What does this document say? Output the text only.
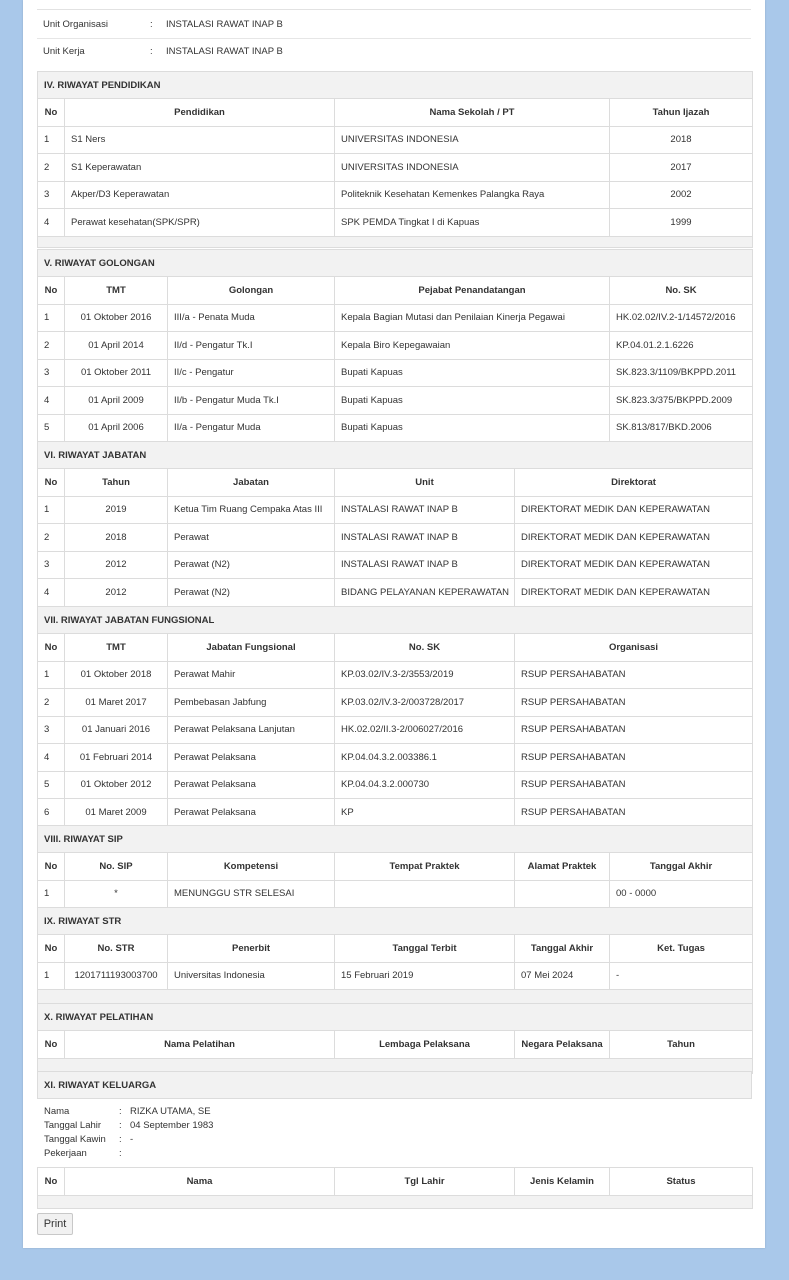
Unit Organisasi	: INSTALASI RAWAT INAP B
Unit Kerja	: INSTALASI RAWAT INAP B
IV. RIWAYAT PENDIDIKAN			
No	Pendidikan	Nama Sekolah / PT	Tahun Ijazah
1	S1 Ners	UNIVERSITAS INDONESIA	2018
2	S1 Keperawatan	UNIVERSITAS INDONESIA	2017
3	Akper/D3 Keperawatan	Politeknik Kesehatan Kemenkes Palangka Raya	2002
4	Perawat kesehatan(SPK/SPR)	SPK PEMDA Tingkat I di Kapuas	1999

V. RIWAYAT GOLONGAN				
No	TMT	Golongan	Pejabat Penandatangan	No. SK
1	01 Oktober 2016	III/a - Penata Muda	Kepala Bagian Mutasi dan Penilaian Kinerja Pegawai	HK.02.02/IV.2-1/14572/2016
2	01 April 2014	II/d - Pengatur Tk.I	Kepala Biro Kepegawaian	KP.04.01.2.1.6226
3	01 Oktober 2011	II/c - Pengatur	Bupati Kapuas	SK.823.3/1109/BKPPD.2011
4	01 April 2009	II/b - Pengatur Muda Tk.I	Bupati Kapuas	SK.823.3/375/BKPPD.2009
5	01 April 2006	II/a - Pengatur Muda	Bupati Kapuas	SK.813/817/BKD.2006
VI. RIWAYAT JABATAN				
No	Tahun	Jabatan	Unit	Direktorat
1	2019	Ketua Tim Ruang Cempaka Atas III	INSTALASI RAWAT INAP B	DIREKTORAT MEDIK DAN KEPERAWATAN
2	2018	Perawat	INSTALASI RAWAT INAP B	DIREKTORAT MEDIK DAN KEPERAWATAN
3	2012	Perawat (N2)	INSTALASI RAWAT INAP B	DIREKTORAT MEDIK DAN KEPERAWATAN
4	2012	Perawat (N2)	BIDANG PELAYANAN KEPERAWATAN	DIREKTORAT MEDIK DAN KEPERAWATAN
VII. RIWAYAT JABATAN FUNGSIONAL				
No	TMT	Jabatan Fungsional	No. SK	Organisasi
1	01 Oktober 2018	Perawat Mahir	KP.03.02/IV.3-2/3553/2019	RSUP PERSAHABATAN
2	01 Maret 2017	Pembebasan Jabfung	KP.03.02/IV.3-2/003728/2017	RSUP PERSAHABATAN
3	01 Januari 2016	Perawat Pelaksana Lanjutan	HK.02.02/II.3-2/006027/2016	RSUP PERSAHABATAN
4	01 Februari 2014	Perawat Pelaksana	KP.04.04.3.2.003386.1	RSUP PERSAHABATAN
5	01 Oktober 2012	Perawat Pelaksana	KP.04.04.3.2.000730	RSUP PERSAHABATAN
6	01 Maret 2009	Perawat Pelaksana	KP	RSUP PERSAHABATAN
VIII. RIWAYAT SIP					
No	No. SIP	Kompetensi	Tempat Praktek	Alamat Praktek	Tanggal Akhir
1	*	MENUNGGU STR SELESAI			00 - 0000
IX. RIWAYAT STR					
No	No. STR	Penerbit	Tanggal Terbit	Tanggal Akhir	Ket. Tugas
1	1201711193003700	Universitas Indonesia	15 Februari 2019	07 Mei 2024	-

X. RIWAYAT PELATIHAN
No	Nama Pelatihan	Lembaga Pelaksana	Negara Pelaksana	Tahun

XI. RIWAYAT KELUARGA
Nama	: RIZKA UTAMA, SE
Tanggal Lahir : 04 September 1983
Tanggal Kawin : -
Pekerjaan	:
No	Nama	Tgl Lahir	Jenis Kelamin	Status

Print
